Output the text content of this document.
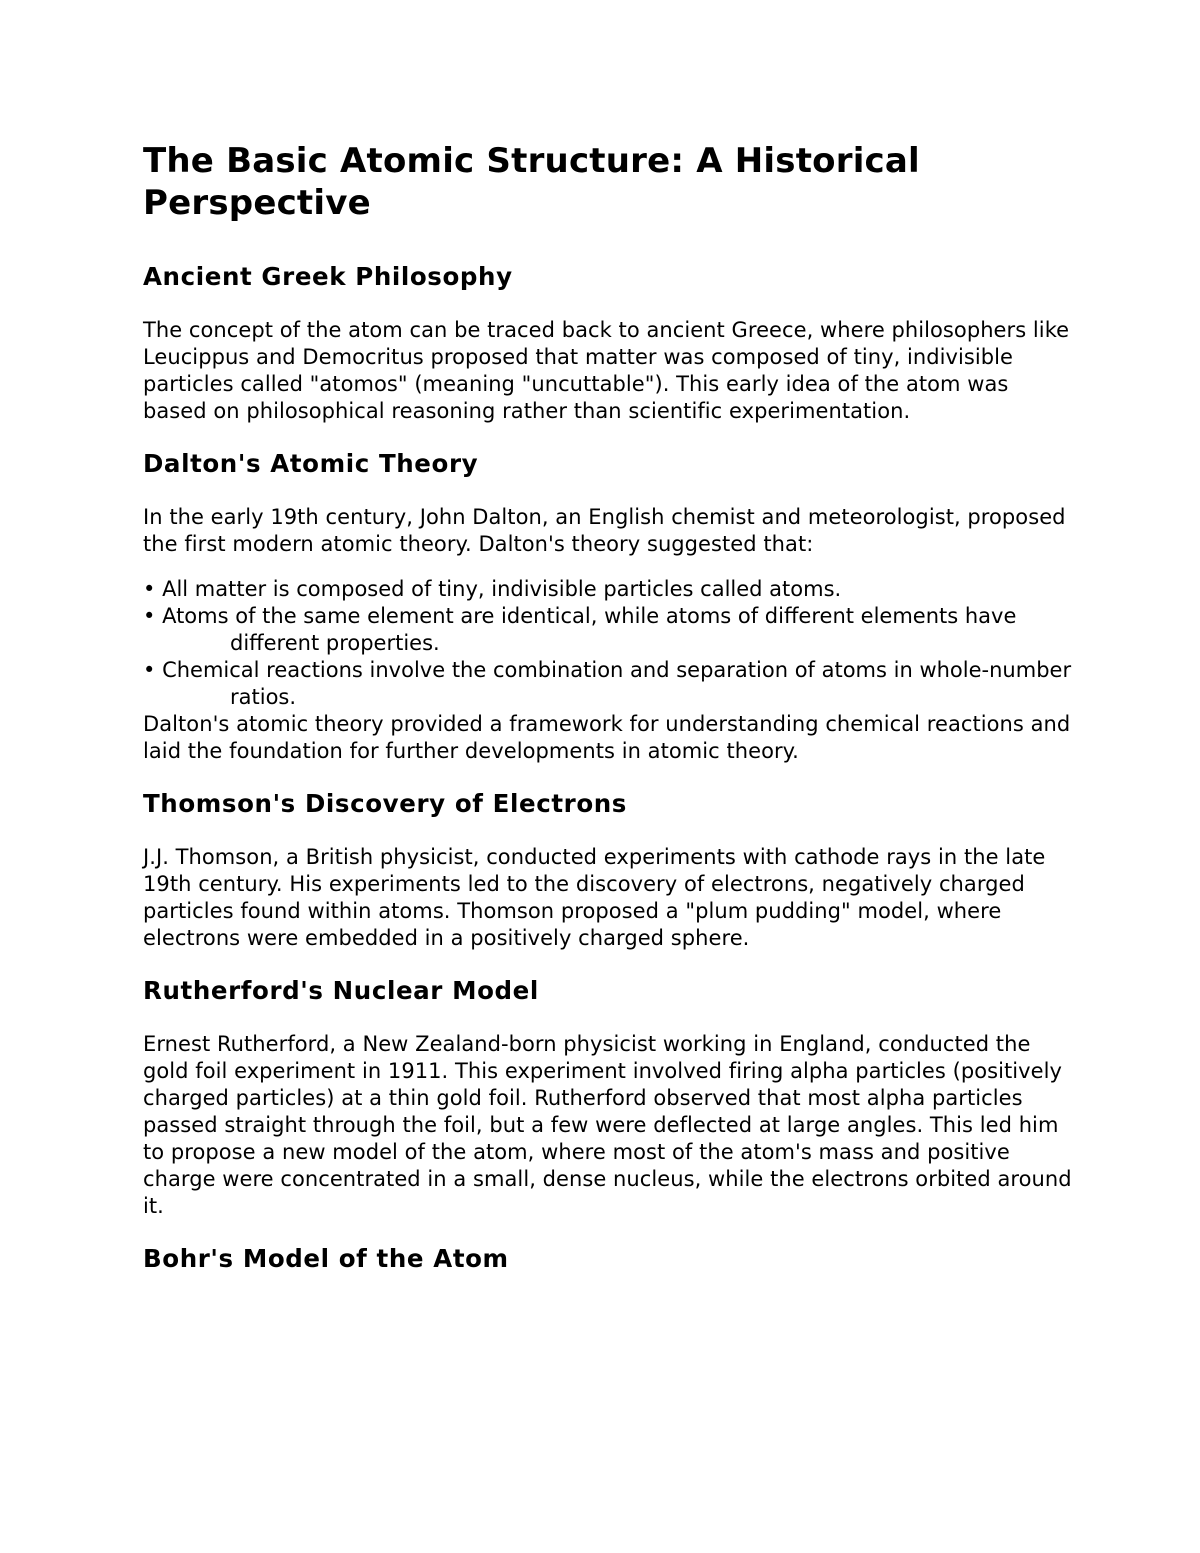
The Basic Atomic Structure: A Historical Perspective
Ancient Greek Philosophy

The concept of the atom can be traced back to ancient Greece, where philosophers like Leucippus and Democritus proposed that matter was composed of tiny, indivisible particles called "atomos" (meaning "uncuttable"). This early idea of the atom was based on philosophical reasoning rather than scientific experimentation.

Dalton's Atomic Theory

In the early 19th century, John Dalton, an English chemist and meteorologist, proposed the first modern atomic theory. Dalton's theory suggested that:

• All matter is composed of tiny, indivisible particles called atoms.
• Atoms of the same element are identical, while atoms of different elements have different properties.
• Chemical reactions involve the combination and separation of atoms in whole-number ratios.

Dalton's atomic theory provided a framework for understanding chemical reactions and laid the foundation for further developments in atomic theory.

Thomson's Discovery of Electrons

J.J. Thomson, a British physicist, conducted experiments with cathode rays in the late 19th century. His experiments led to the discovery of electrons, negatively charged particles found within atoms. Thomson proposed a "plum pudding" model, where electrons were embedded in a positively charged sphere.

Rutherford's Nuclear Model

Ernest Rutherford, a New Zealand-born physicist working in England, conducted the gold foil experiment in 1911. This experiment involved firing alpha particles (positively charged particles) at a thin gold foil. Rutherford observed that most alpha particles passed straight through the foil, but a few were deflected at large angles. This led him to propose a new model of the atom, where most of the atom's mass and positive charge were concentrated in a small, dense nucleus, while the electrons orbited around it.

Bohr's Model of the Atom
